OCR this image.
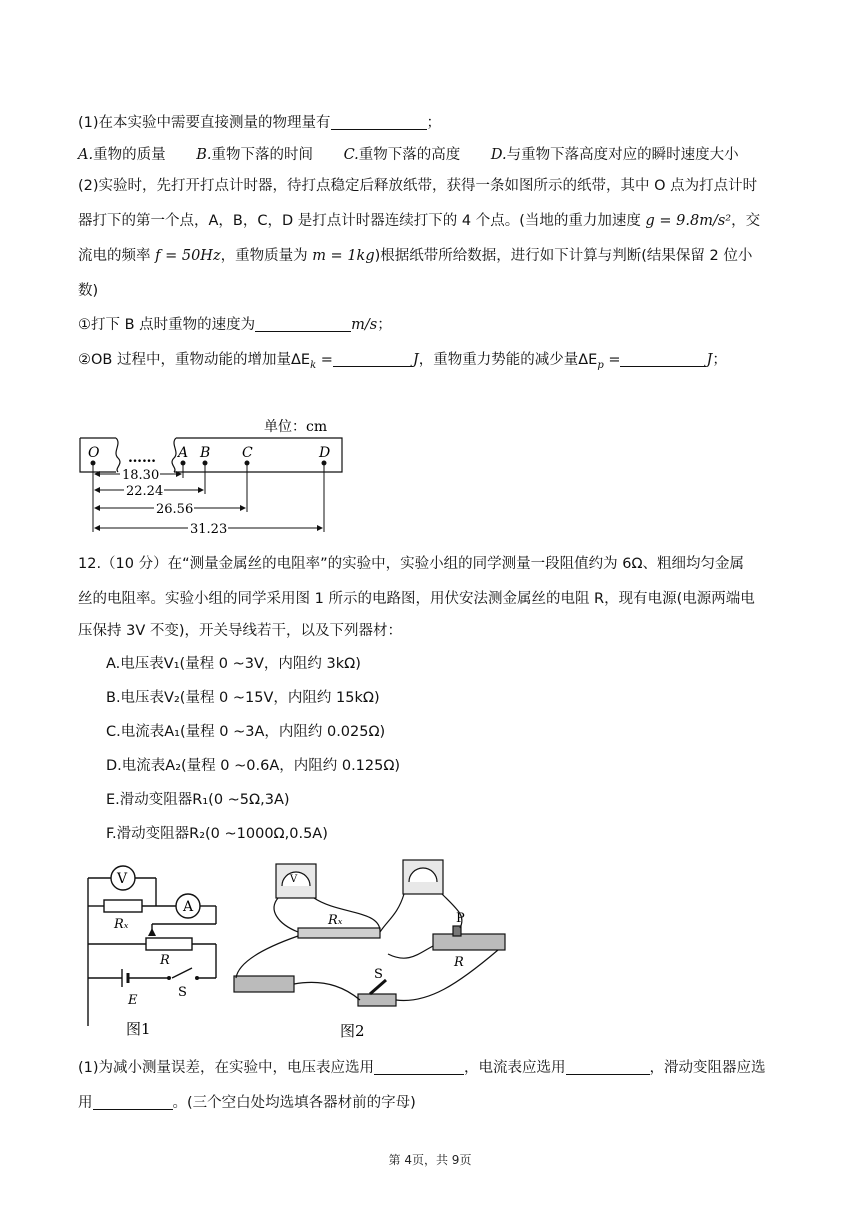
(1)在本实验中需要直接测量的物理量有	；
A.重物的质量 B.重物下落的时间 C.重物下落的高度 D.与重物下落高度对应的瞬时速度大小
(2)实验时，先打开打点计时器，待打点稳定后释放纸带，获得一条如图所示的纸带，其中 O 点为打点计时
器打下的第一个点，A，B，C，D 是打点计时器连续打下的 4 个点。(当地的重力加速度 g = 9.8m/s²，交
流电的频率 f = 50Hz，重物质量为 m = 1kg)根据纸带所给数据，进行如下计算与判断(结果保留 2 位小
数)
①打下 B 点时重物的速度为	m/s；
②OB 过程中，重物动能的增加量$\Delta E_k$ =	J，重物重力势能的减少量$\Delta E_p$ =	J；
单位：cm
……
O	A B C	D
18.30
22.24
26.56
31.23
12.（10 分）在“测量金属丝的电阻率”的实验中，实验小组的同学测量一段阻值约为 6Ω、粗细均匀金属
丝的电阻率。实验小组的同学采用图 1 所示的电路图，用伏安法测金属丝的电阻 R，现有电源(电源两端电
压保持 3V 不变)，开关导线若干，以及下列器材：
A.电压表V₁(量程 0 ~3V，内阻约 3kΩ)
B.电压表V₂(量程 0 ~15V，内阻约 15kΩ)
C.电流表A₁(量程 0 ~3A，内阻约 0.025Ω)
D.电流表A₂(量程 0 ~0.6A，内阻约 0.125Ω)
E.滑动变阻器R₁(0 ~5Ω,3A)
F.滑动变阻器R₂(0 ~1000Ω,0.5A)
V
A
Rₓ
R
E
S
图1
V
Rₓ	P
R
S
图2
(1)为减小测量误差，在实验中，电压表应选用	，电流表应选用	，滑动变阻器应选
用	。(三个空白处均选填各器材前的字母)
第 4页，共 9页
